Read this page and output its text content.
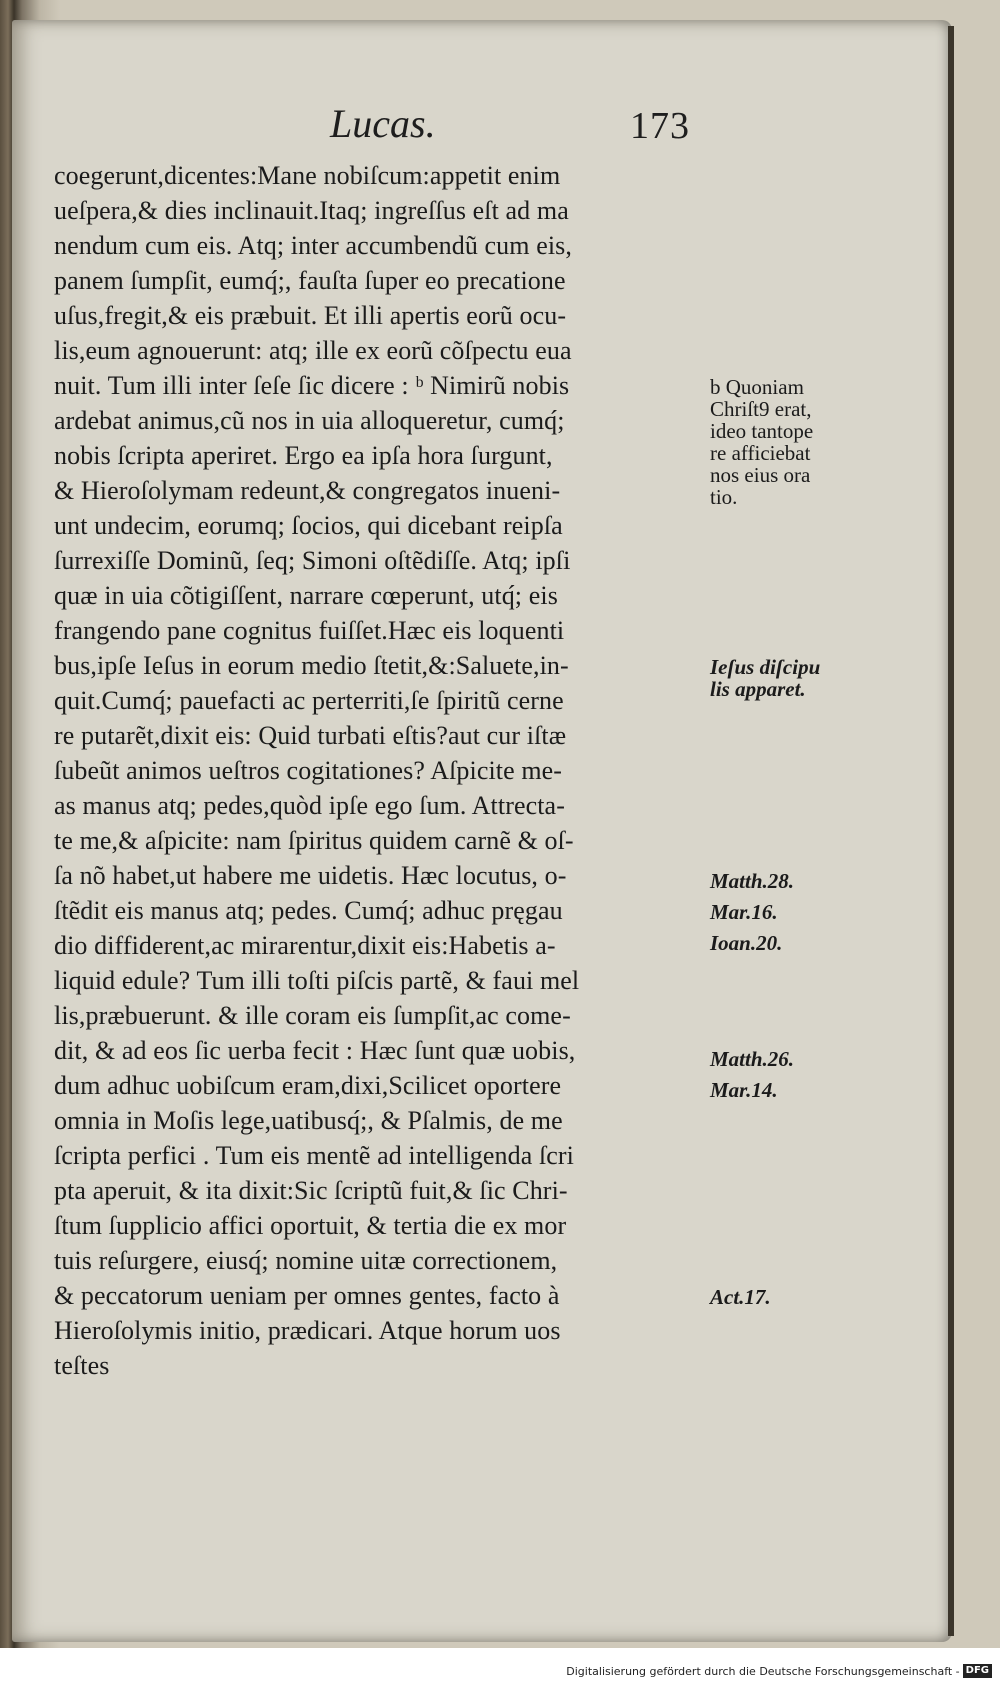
Lucas.	173
coegerunt,dicentes:Mane nobiſcum:appetit enim
ueſpera,& dies inclinauit.Itaq; ingreſſus eſt ad ma
nendum cum eis. Atq; inter accumbendũ cum eis,
panem ſumpſit, eumq́;, fauſta ſuper eo precatione
uſus,fregit,& eis præbuit. Et illi apertis eorũ ocu-
lis,eum agnouerunt: atq; ille ex eorũ cõſpectu eua
nuit. Tum illi inter ſeſe ſic dicere : ᵇ Nimirũ nobis
ardebat animus,cũ nos in uia alloqueretur, cumq́;
nobis ſcripta aperiret. Ergo ea ipſa hora ſurgunt,
& Hieroſolymam redeunt,& congregatos inueni-
unt undecim, eorumq; ſocios, qui dicebant reipſa
ſurrexiſſe Dominũ, ſeq; Simoni oſtẽdiſſe. Atq; ipſi
quæ in uia cõtigiſſent, narrare cœperunt, utq́; eis
frangendo pane cognitus fuiſſet.Hæc eis loquenti
bus,ipſe Ieſus in eorum medio ſtetit,&:Saluete,in-
quit.Cumq́; pauefacti ac perterriti,ſe ſpiritũ cerne
re putarẽt,dixit eis: Quid turbati eſtis?aut cur iſtæ
ſubeũt animos ueſtros cogitationes? Aſpicite me-
as manus atq; pedes,quòd ipſe ego ſum. Attrecta-
te me,& aſpicite: nam ſpiritus quidem carnẽ & oſ-
ſa nõ habet,ut habere me uidetis. Hæc locutus, o-
ſtẽdit eis manus atq; pedes. Cumq́; adhuc pręgau
dio diffiderent,ac mirarentur,dixit eis:Habetis a-
liquid edule? Tum illi toſti piſcis partẽ, & faui mel
lis,præbuerunt. & ille coram eis ſumpſit,ac come-
dit, & ad eos ſic uerba fecit : Hæc ſunt quæ uobis,
dum adhuc uobiſcum eram,dixi,Scilicet oportere
omnia in Moſis lege,uatibusq́;, & Pſalmis, de me
ſcripta perfici . Tum eis mentẽ ad intelligenda ſcri
pta aperuit, & ita dixit:Sic ſcriptũ fuit,& ſic Chri-
ſtum ſupplicio affici oportuit, & tertia die ex mor
tuis reſurgere, eiusq́; nomine uitæ correctionem,
& peccatorum ueniam per omnes gentes, facto à
Hieroſolymis initio, prædicari. Atque horum uos
teſtes
b Quoniam
Chriſt9 erat,
ideo tantope
re afficiebat
nos eius ora
tio.
Ieſus diſcipu
lis apparet.
Matth.28.
Mar.16.
Ioan.20.
Matth.26.
Mar.14.
Act.17.
Digitalisierung gefördert durch die Deutsche Forschungsgemeinschaft - DFG
